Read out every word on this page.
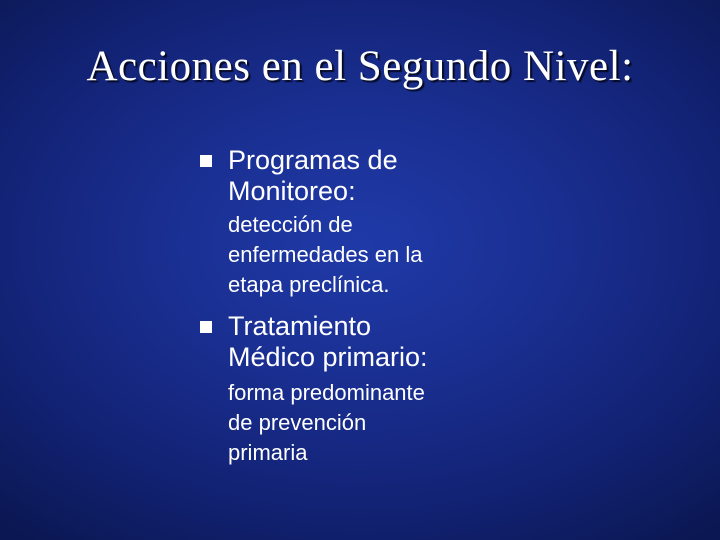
Acciones en el Segundo Nivel:
Programas de
Monitoreo:
detección de
enfermedades en la
etapa preclínica.
Tratamiento
Médico primario:
forma predominante
de prevención
primaria
